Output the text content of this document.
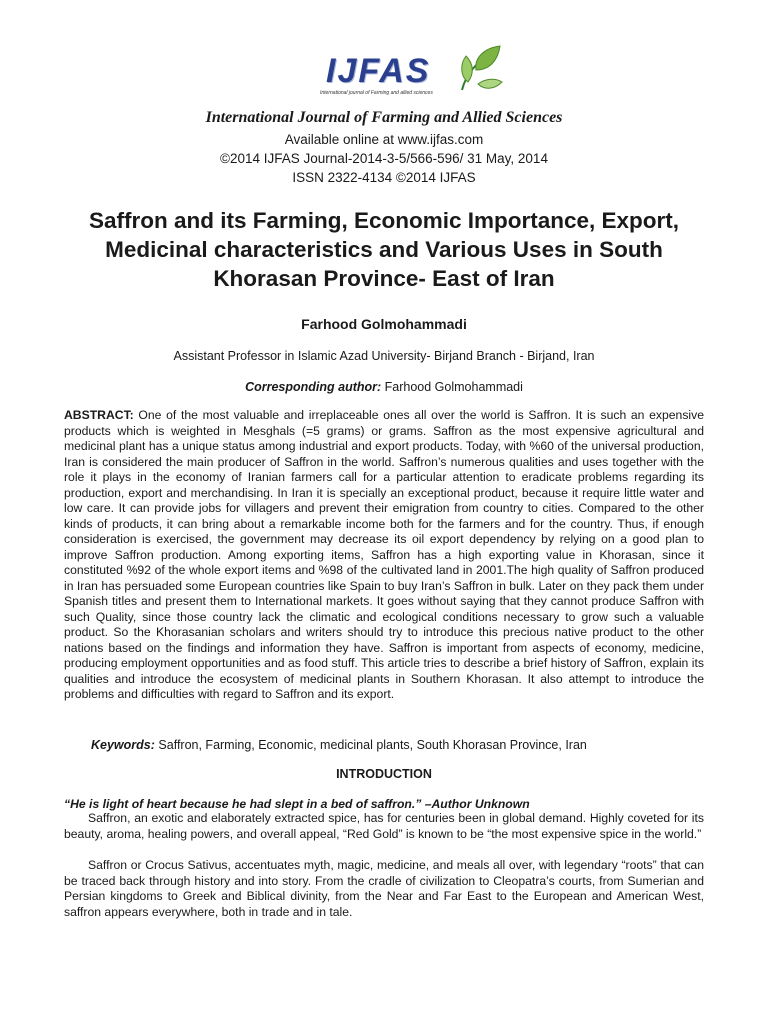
IJFAS
International journal of Farming and allied sciences
International Journal of Farming and Allied Sciences
Available online at www.ijfas.com
©2014 IJFAS Journal-2014-3-5/566-596/ 31 May, 2014
ISSN 2322-4134 ©2014 IJFAS
Saffron and its Farming, Economic Importance, Export, Medicinal characteristics and Various Uses in South Khorasan Province- East of Iran
Farhood Golmohammadi
Assistant Professor in Islamic Azad University- Birjand Branch - Birjand, Iran
Corresponding author: Farhood Golmohammadi
ABSTRACT: One of the most valuable and irreplaceable ones all over the world is Saffron. It is such an expensive products which is weighted in Mesghals (=5 grams) or grams. Saffron as the most expensive agricultural and medicinal plant has a unique status among industrial and export products. Today, with %60 of the universal production, Iran is considered the main producer of Saffron in the world. Saffron’s numerous qualities and uses together with the role it plays in the economy of Iranian farmers call for a particular attention to eradicate problems regarding its production, export and merchandising. In Iran it is specially an exceptional product, because it require little water and low care. It can provide jobs for villagers and prevent their emigration from country to cities. Compared to the other kinds of products, it can bring about a remarkable income both for the farmers and for the country. Thus, if enough consideration is exercised, the government may decrease its oil export dependency by relying on a good plan to improve Saffron production. Among exporting items, Saffron has a high exporting value in Khorasan, since it constituted %92 of the whole export items and %98 of the cultivated land in 2001.The high quality of Saffron produced in Iran has persuaded some European countries like Spain to buy Iran’s Saffron in bulk. Later on they pack them under Spanish titles and present them to International markets. It goes without saying that they cannot produce Saffron with such Quality, since those country lack the climatic and ecological conditions necessary to grow such a valuable product. So the Khorasanian scholars and writers should try to introduce this precious native product to the other nations based on the findings and information they have. Saffron is important from aspects of economy, medicine, producing employment opportunities and as food stuff. This article tries to describe a brief history of Saffron, explain its qualities and introduce the ecosystem of medicinal plants in Southern Khorasan. It also attempt to introduce the problems and difficulties with regard to Saffron and its export.
Keywords: Saffron, Farming, Economic, medicinal plants, South Khorasan Province, Iran
INTRODUCTION
“He is light of heart because he had slept in a bed of saffron.” –Author Unknown
Saffron, an exotic and elaborately extracted spice, has for centuries been in global demand. Highly coveted for its beauty, aroma, healing powers, and overall appeal, “Red Gold” is known to be “the most expensive spice in the world.”
Saffron or Crocus Sativus, accentuates myth, magic, medicine, and meals all over, with legendary “roots” that can be traced back through history and into story. From the cradle of civilization to Cleopatra’s courts, from Sumerian and Persian kingdoms to Greek and Biblical divinity, from the Near and Far East to the European and American West, saffron appears everywhere, both in trade and in tale.
